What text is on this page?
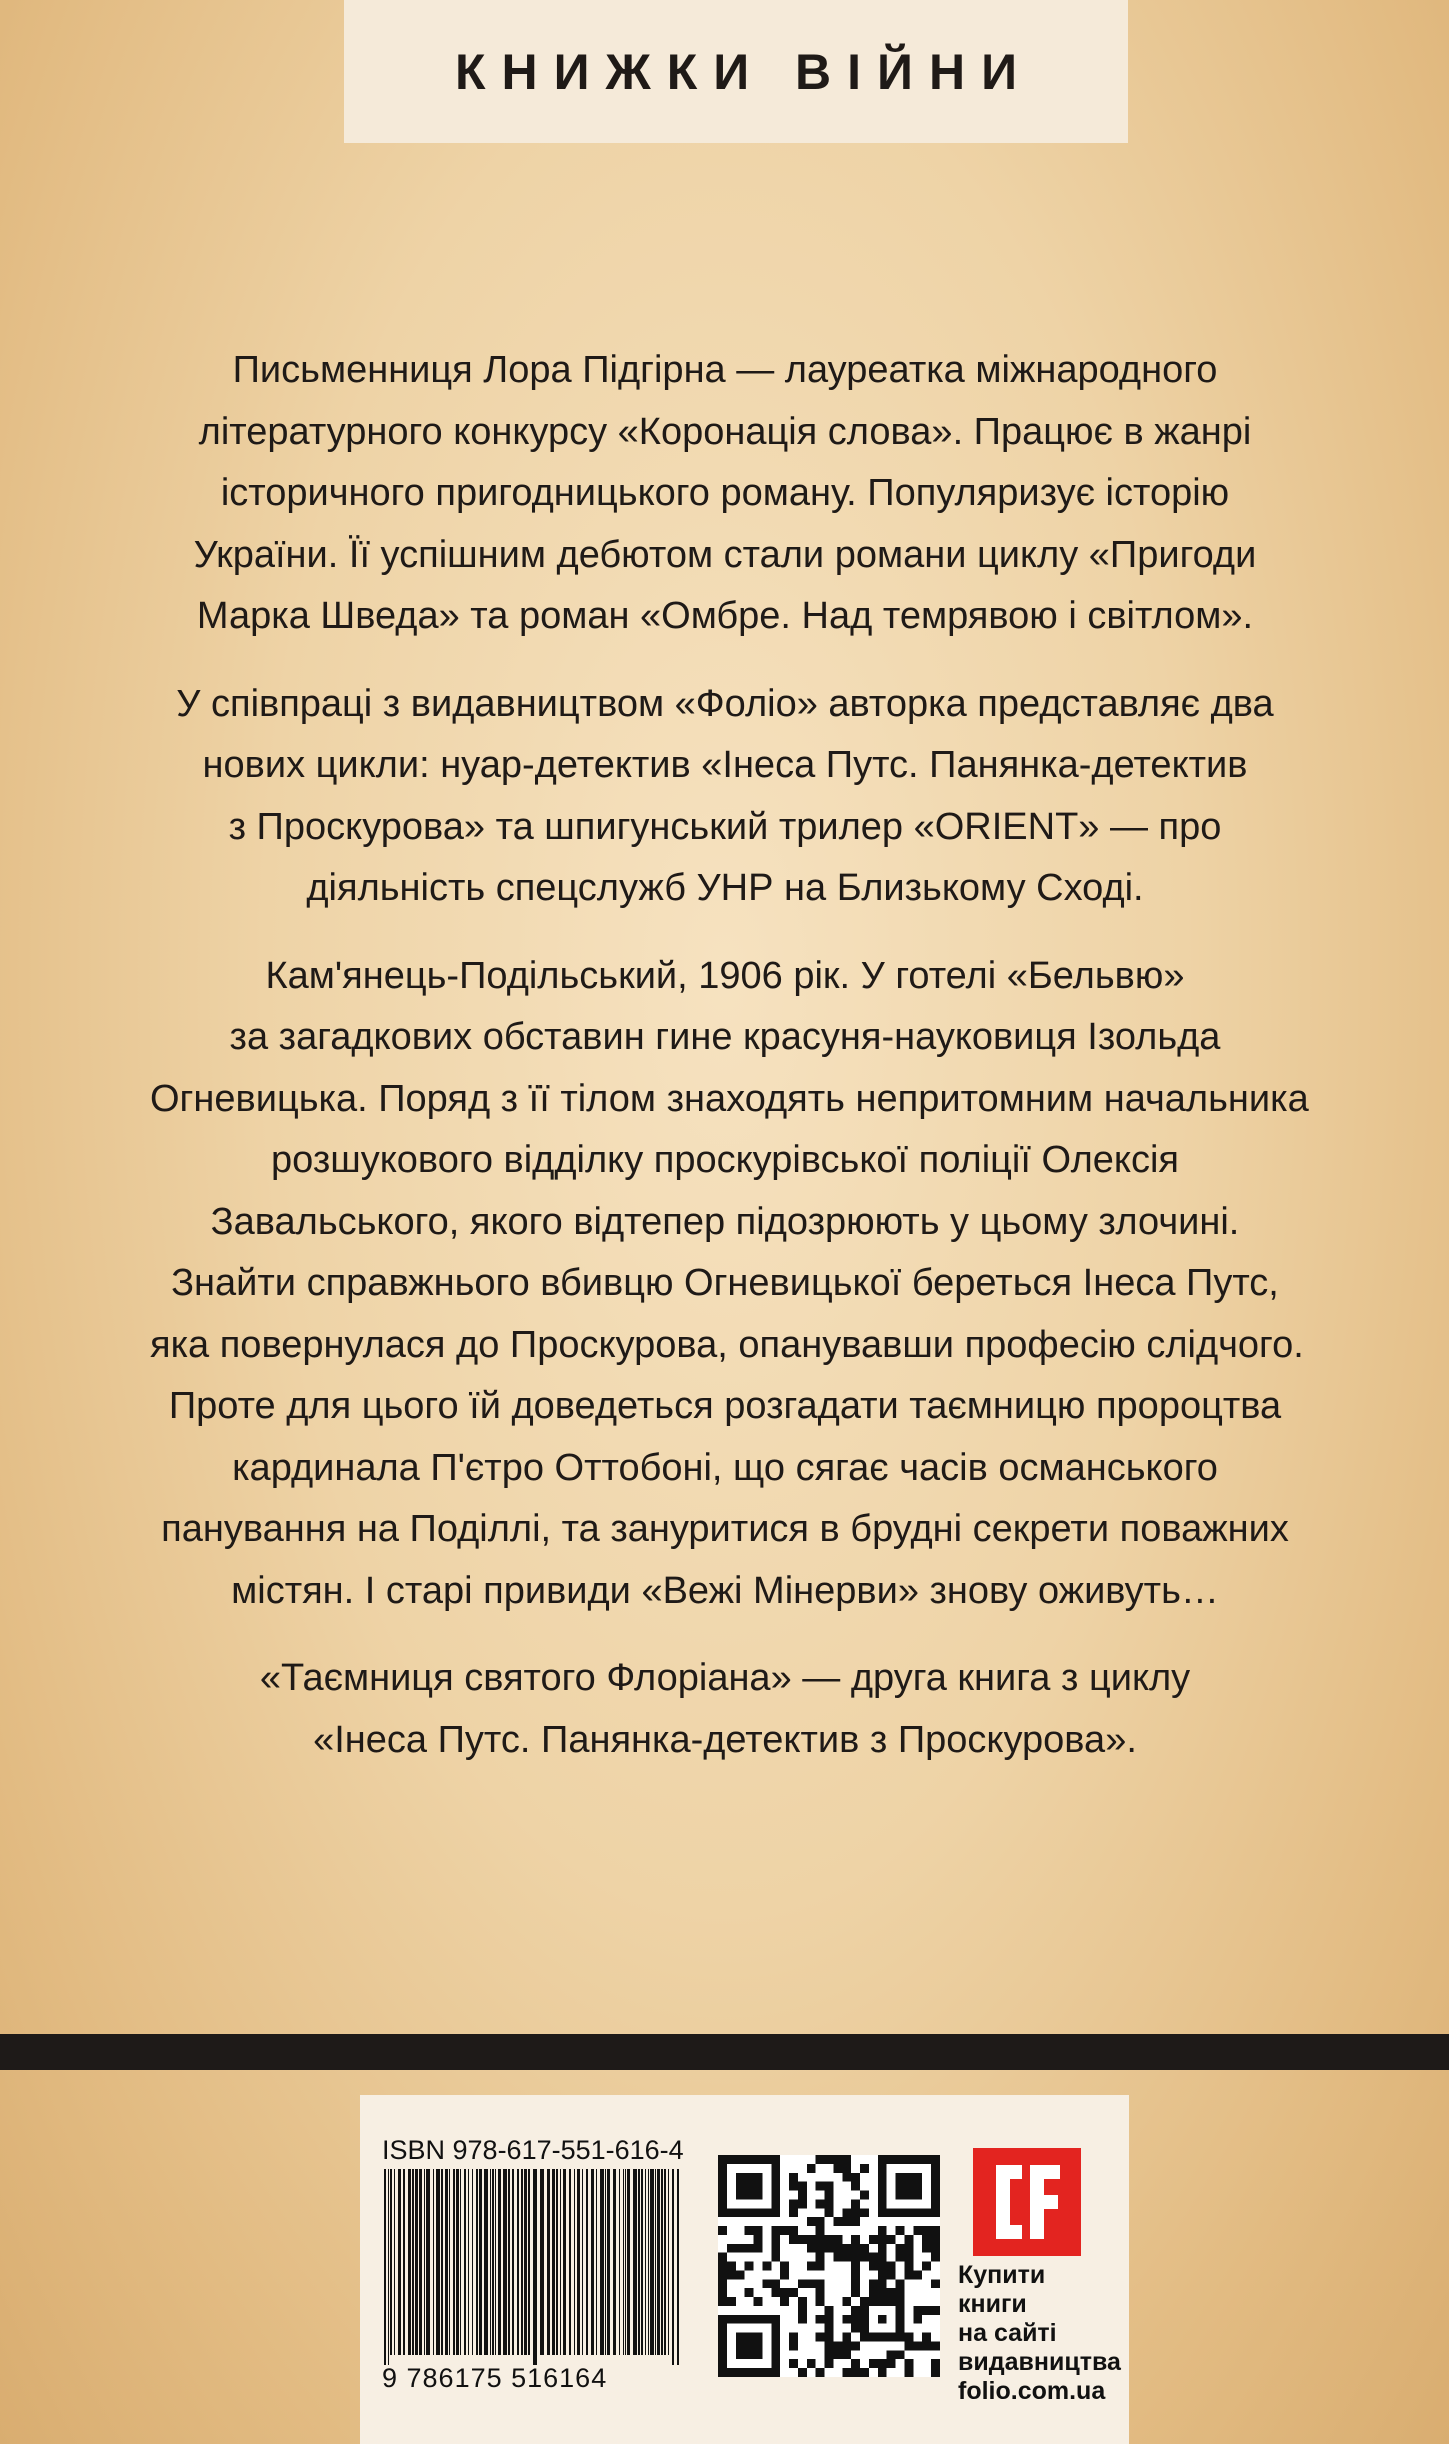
КНИЖКИ ВІЙНИ

Письменниця Лора Підгірна — лауреатка міжнародного
літературного конкурсу «Коронація слова». Працює в жанрі
історичного пригодницького роману. Популяризує історію
України. Її успішним дебютом стали романи циклу «Пригоди
Марка Шведа» та роман «Омбре. Над темрявою і світлом».

У співпраці з видавництвом «Фоліо» авторка представляє два
нових цикли: нуар-детектив «Інеса Путс. Панянка-детектив
з Проскурова» та шпигунський трилер «ORIENT» — про
діяльність спецслужб УНР на Близькому Сході.

Кам'янець-Подільський, 1906 рік. У готелі «Бельвю»
за загадкових обставин гине красуня-науковиця Ізольда
Огневицька. Поряд з її тілом знаходять непритомним начальника
розшукового відділку проскурівської поліції Олексія
Завальського, якого відтепер підозрюють у цьому злочині.
Знайти справжнього вбивцю Огневицької береться Інеса Путс,
яка повернулася до Проскурова, опанувавши професію слідчого.
Проте для цього їй доведеться розгадати таємницю пророцтва
кардинала П'єтро Оттобоні, що сягає часів османського
панування на Поділлі, та зануритися в брудні секрети поважних
містян. І старі привиди «Вежі Мінерви» знову оживуть…

«Таємниця святого Флоріана» — друга книга з циклу
«Інеса Путс. Панянка-детектив з Проскурова».

ISBN 978-617-551-616-4
9 786175 516164
Купити книги
на сайті
видавництва
folio.com.ua
